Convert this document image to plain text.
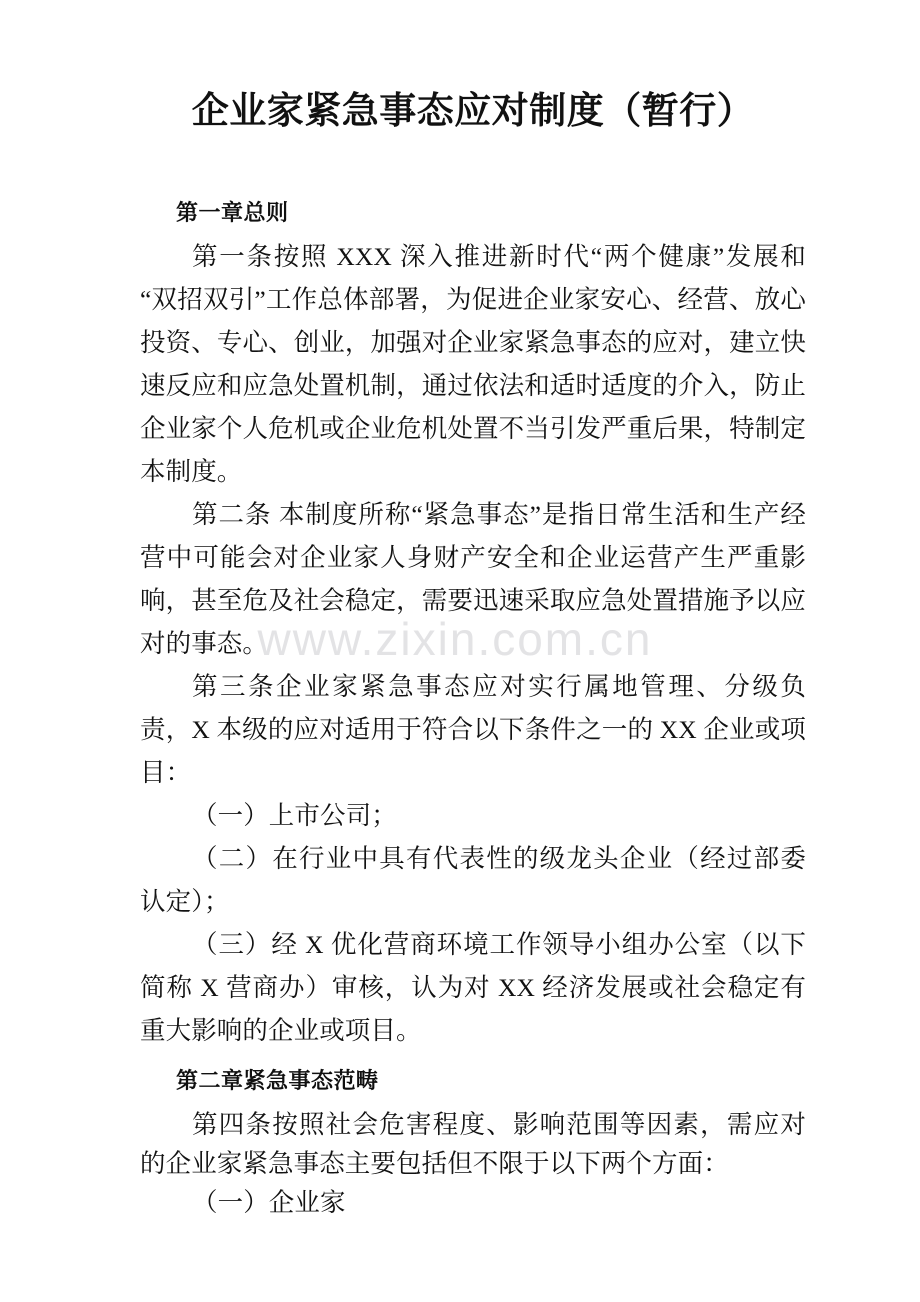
www.zixin.com.cn
企业家紧急事态应对制度（暂行）
第一章总则

第一条按照 XXX 深入推进新时代“两个健康”发展和“双招双引”工作总体部署，为促进企业家安心、经营、放心投资、专心、创业，加强对企业家紧急事态的应对，建立快速反应和应急处置机制，通过依法和适时适度的介入，防止企业家个人危机或企业危机处置不当引发严重后果，特制定本制度。

第二条 本制度所称“紧急事态”是指日常生活和生产经营中可能会对企业家人身财产安全和企业运营产生严重影响，甚至危及社会稳定，需要迅速采取应急处置措施予以应对的事态。

第三条企业家紧急事态应对实行属地管理、分级负责，X 本级的应对适用于符合以下条件之一的 XX 企业或项目：

（一）上市公司；

（二）在行业中具有代表性的级龙头企业（经过部委认定）；

（三）经 X 优化营商环境工作领导小组办公室（以下简称 X 营商办）审核，认为对 XX 经济发展或社会稳定有重大影响的企业或项目。

第二章紧急事态范畴

第四条按照社会危害程度、影响范围等因素，需应对的企业家紧急事态主要包括但不限于以下两个方面：

（一）企业家
